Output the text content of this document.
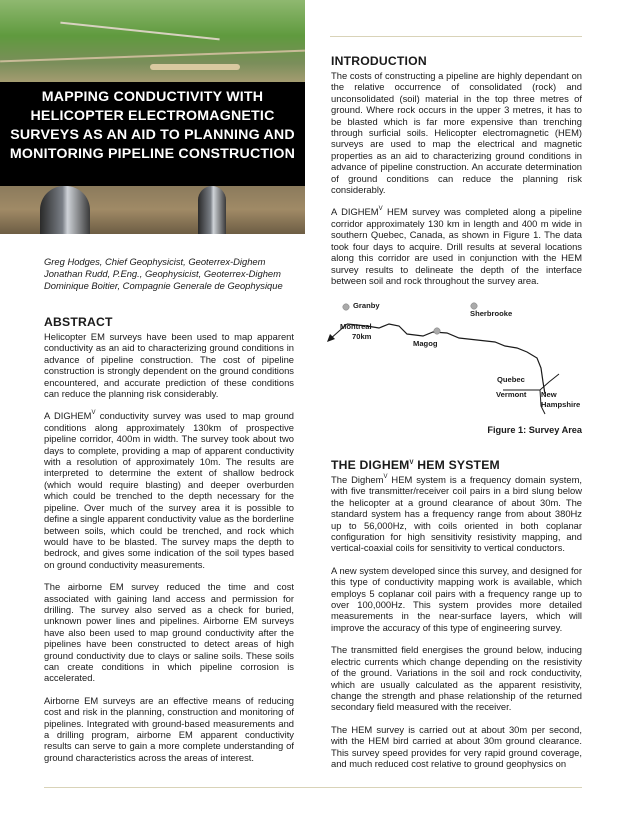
MAPPING CONDUCTIVITY WITH HELICOPTER ELECTROMAGNETIC SURVEYS AS AN AID TO PLANNING AND MONITORING PIPELINE CONSTRUCTION
Greg Hodges, Chief Geophysicist, Geoterrex-Dighem
Jonathan Rudd, P.Eng., Geophysicist, Geoterrex-Dighem
Dominique Boitier, Compagnie Generale de Geophysique
ABSTRACT

Helicopter EM surveys have been used to map apparent conductivity as an aid to characterizing ground conditions in advance of pipeline construction. The cost of pipeline construction is strongly dependent on the ground conditions encountered, and accurate prediction of these conditions can reduce the planning risk considerably.

A $DIGHEM^V$ conductivity survey was used to map ground conditions along approximately 130km of prospective pipeline corridor, 400m in width. The survey took about two days to complete, providing a map of apparent conductivity with a resolution of approximately 10m. The results are interpreted to determine the extent of shallow bedrock (which would require blasting) and deeper overburden which could be trenched to the depth necessary for the pipeline. Over much of the survey area it is possible to define a single apparent conductivity value as the borderline between soils, which could be trenched, and rock which would have to be blasted. The survey maps the depth to bedrock, and gives some indication of the soil types based on ground conductivity measurements.

The airborne EM survey reduced the time and cost associated with gaining land access and permission for drilling. The survey also served as a check for buried, unknown power lines and pipelines. Airborne EM surveys have also been used to map ground conductivity after the pipelines have been constructed to detect areas of high ground conductivity due to clays or saline soils. These soils can create conditions in which pipeline corrosion is accelerated.

Airborne EM surveys are an effective means of reducing cost and risk in the planning, construction and monitoring of pipelines. Integrated with ground-based measurements and a drilling program, airborne EM apparent conductivity results can serve to gain a more complete understanding of ground characteristics across the areas of interest.

INTRODUCTION

The costs of constructing a pipeline are highly dependant on the relative occurrence of consolidated (rock) and unconsolidated (soil) material in the top three metres of ground. Where rock occurs in the upper 3 metres, it has to be blasted which is far more expensive than trenching through surficial soils. Helicopter electromagnetic (HEM) surveys are used to map the electrical and magnetic properties as an aid to characterizing ground conditions in advance of pipeline construction. An accurate determination of ground conditions can reduce the planning risk considerably.

A $DIGHEM^V$ HEM survey was completed along a pipeline corridor approximately 130 km in length and 400 m wide in southern Quebec, Canada, as shown in Figure 1. The data took four days to acquire. Drill results at several locations along this corridor are used in conjunction with the HEM survey results to delineate the depth of the interface between soil and rock throughout the survey area.

Granby
Sherbrooke
Montreal
70km
Magog
Quebec
Vermont New
Hampshire
Figure 1: Survey Area
THE $DIGHEM^V$ HEM SYSTEM

The Dighem$^V$ HEM system is a frequency domain system, with five transmitter/receiver coil pairs in a bird slung below the helicopter at a ground clearance of about 30m. The standard system has a frequency range from about 380Hz up to 56,000Hz, with coils oriented in both coplanar configuration for high sensitivity resistivity mapping, and vertical-coaxial coils for sensitivity to vertical conductors.

A new system developed since this survey, and designed for this type of conductivity mapping work is available, which employs 5 coplanar coil pairs with a frequency range up to over 100,000Hz. This system provides more detailed measurements in the near-surface layers, which will improve the accuracy of this type of engineering survey.

The transmitted field energises the ground below, inducing electric currents which change depending on the resistivity of the ground. Variations in the soil and rock conductivity, which are usually calculated as the apparent resistivity, change the strength and phase relationship of the returned secondary field measured with the receiver.

The HEM survey is carried out at about 30m per second, with the HEM bird carried at about 30m ground clearance. This survey speed provides for very rapid ground coverage, and much reduced cost relative to ground geophysics on
